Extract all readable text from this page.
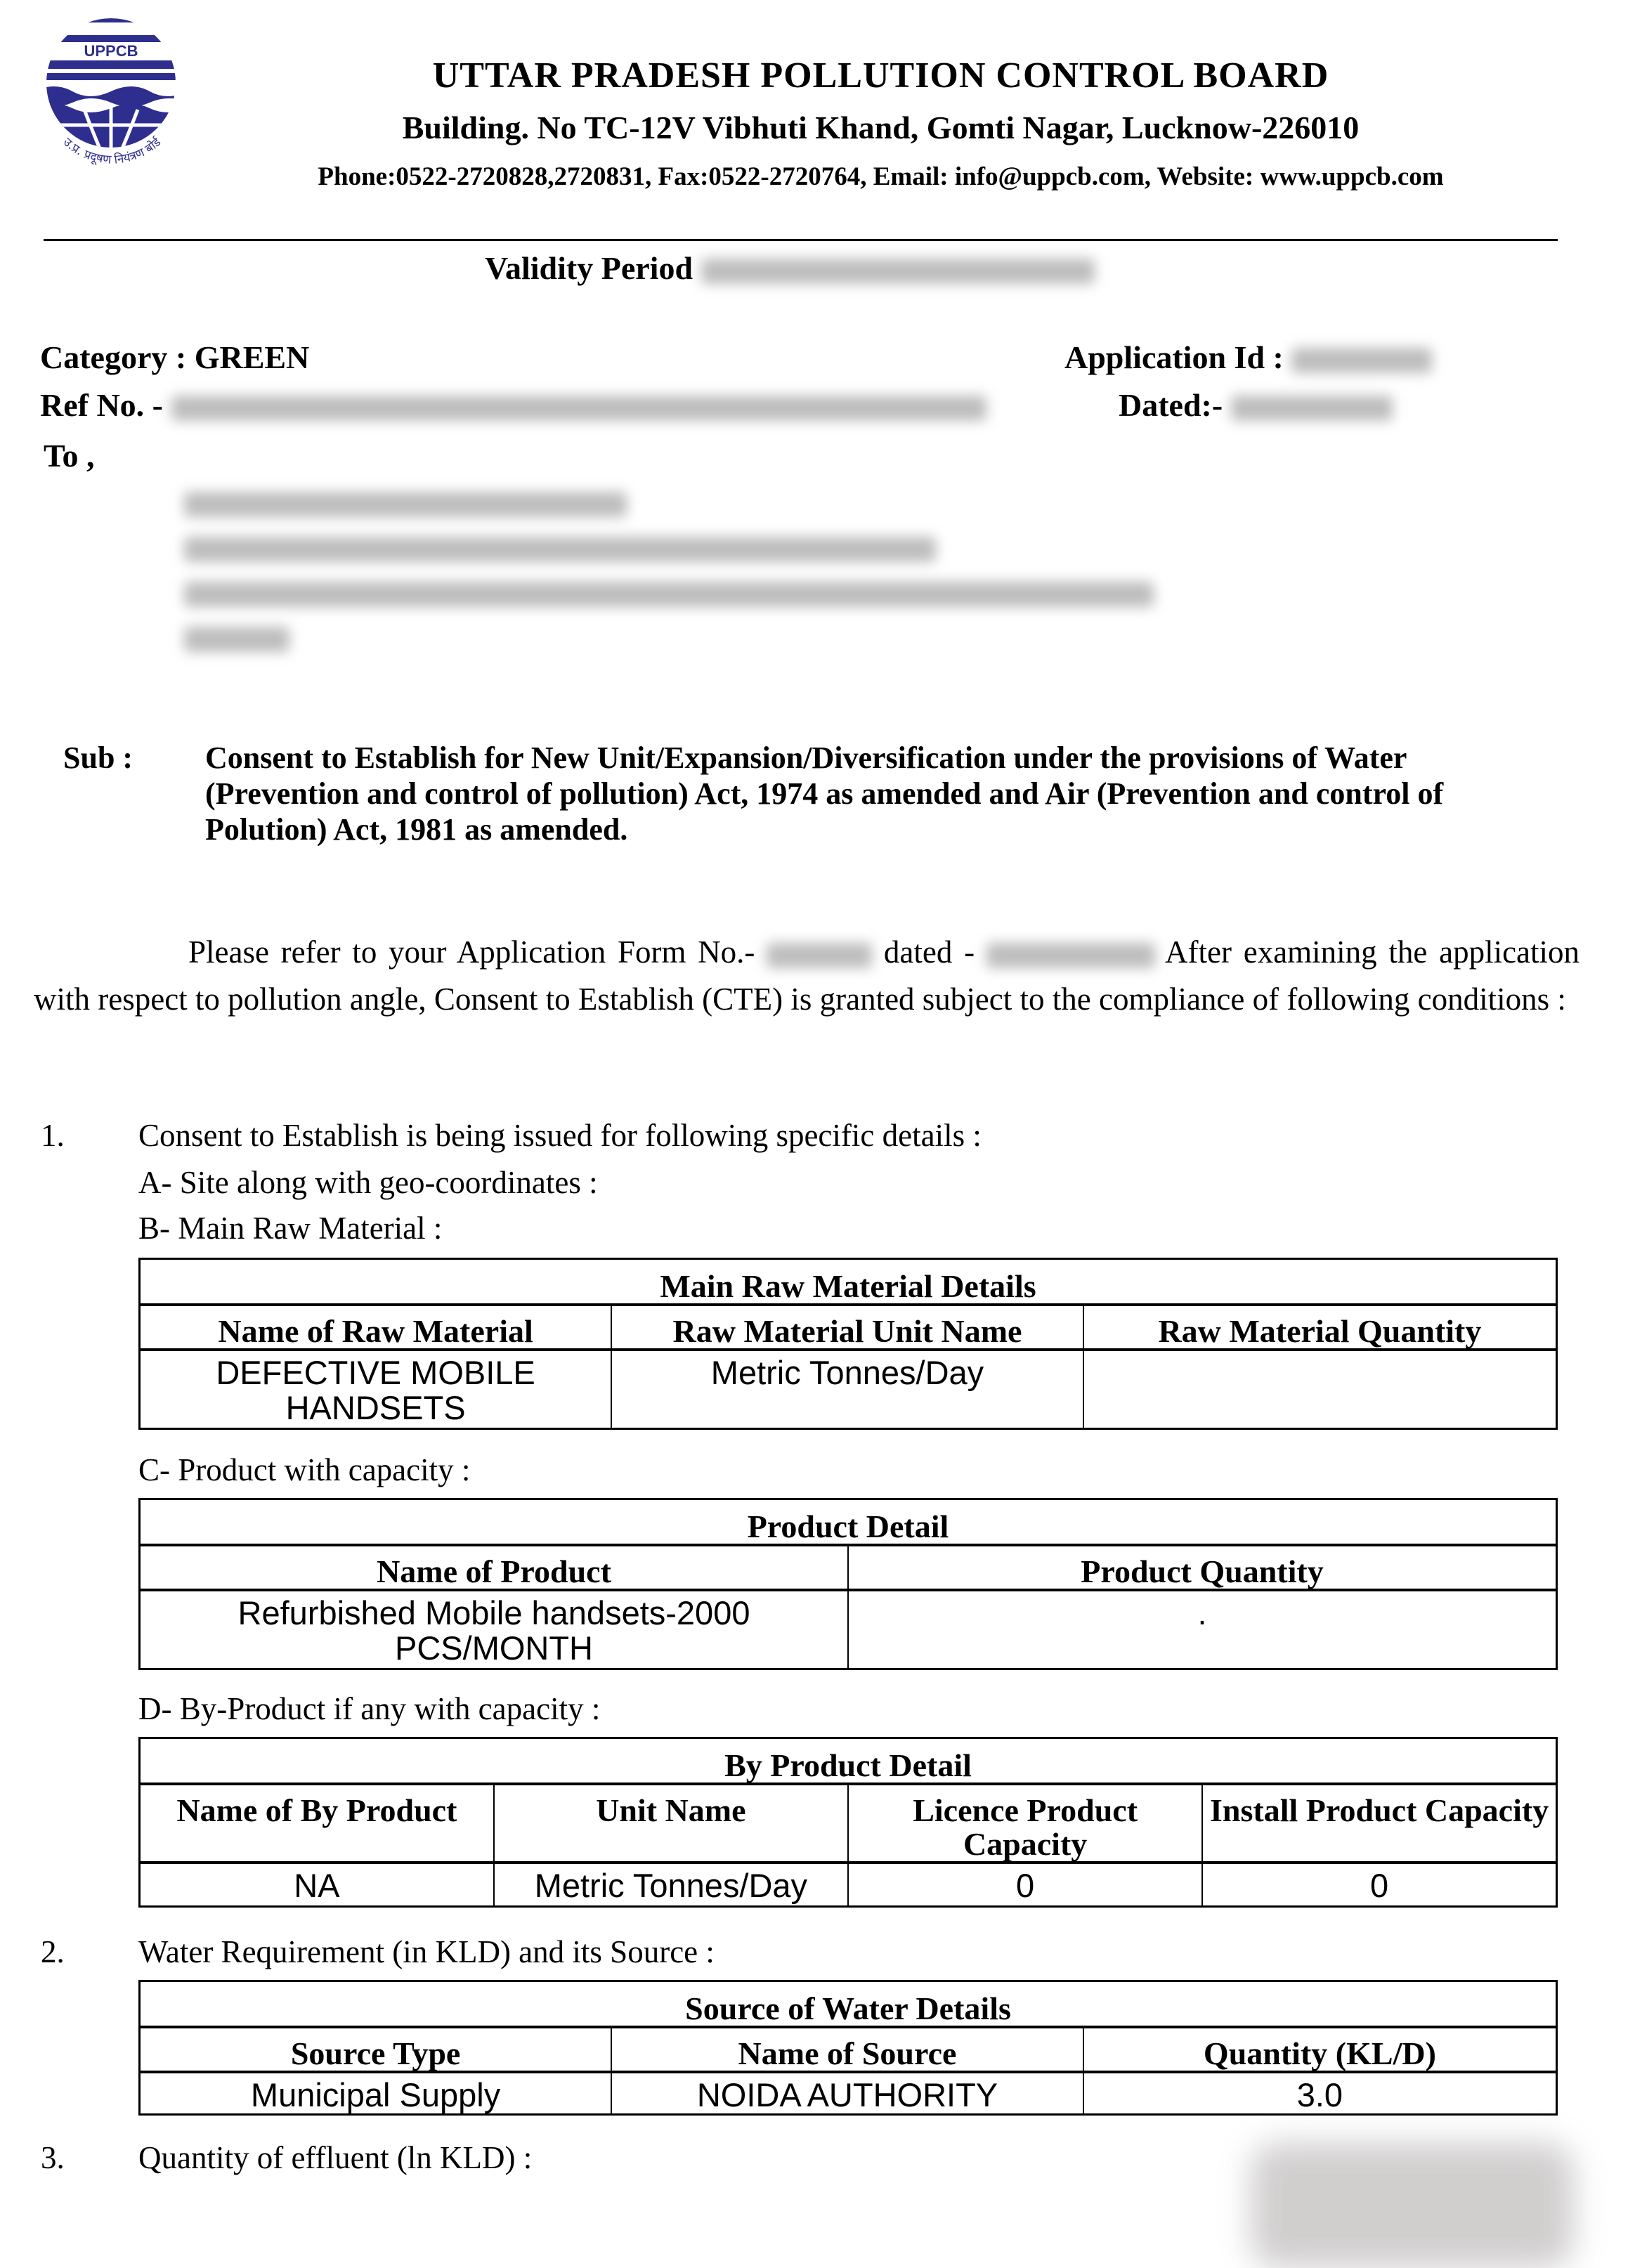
UPPCB
उ.प्र. प्रदूषण नियंत्रण बोर्ड
UTTAR PRADESH POLLUTION CONTROL BOARD
Building. No TC-12V Vibhuti Khand, Gomti Nagar, Lucknow-226010
Phone:0522-2720828,2720831, Fax:0522-2720764, Email: info@uppcb.com, Website: www.uppcb.com
Validity Period
Category : GREEN	Application Id :
Ref No. -	Dated:-
To ,
Sub : Consent to Establish for New Unit/Expansion/Diversification under the provisions of Water (Prevention and control of pollution) Act, 1974 as amended and Air (Prevention and control of Polution) Act, 1981 as amended.
Please refer to your Application Form No.-	dated -	After examining the application with respect to pollution angle, Consent to Establish (CTE) is granted subject to the compliance of following conditions :
1. Consent to Establish is being issued for following specific details :
A- Site along with geo-coordinates :
B- Main Raw Material :
Main Raw Material Details		
Name of Raw Material	Raw Material Unit Name	Raw Material Quantity
DEFECTIVE MOBILE HANDSETS	Metric Tonnes/Day	
C- Product with capacity :
Product Detail	
Name of Product	Product Quantity
Refurbished Mobile handsets-2000 PCS/MONTH	.
D- By-Product if any with capacity :
By Product Detail			
Name of By Product	Unit Name	Licence Product Capacity	Install Product Capacity
NA	Metric Tonnes/Day	0	0
2. Water Requirement (in KLD) and its Source :
Source of Water Details		
Source Type	Name of Source	Quantity (KL/D)
Municipal Supply	NOIDA AUTHORITY	3.0
3. Quantity of effluent (ln KLD) :
